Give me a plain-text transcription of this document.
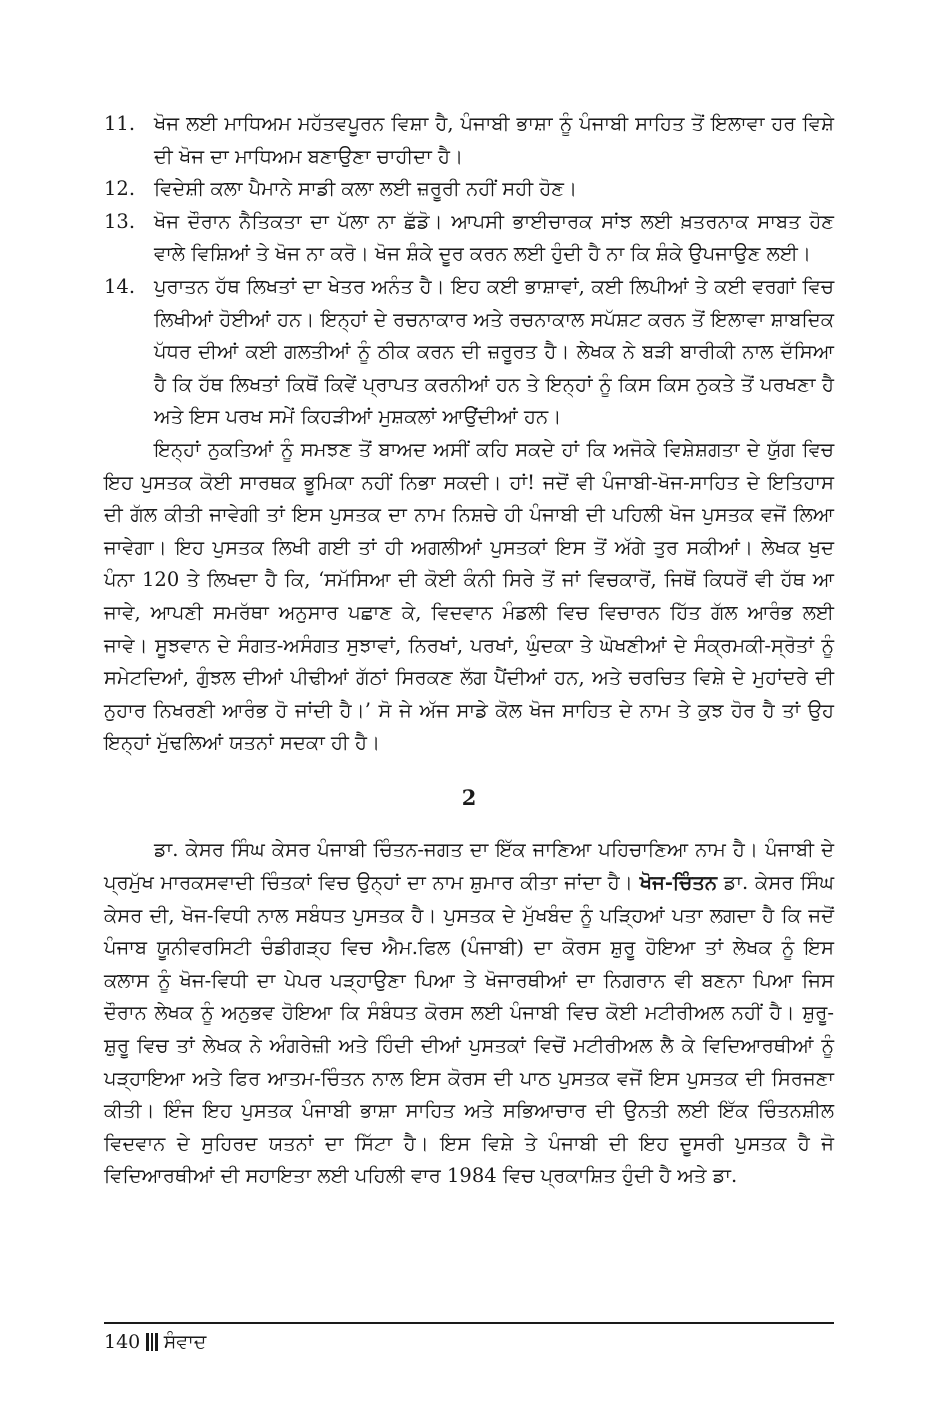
11. ਖੋਜ ਲਈ ਮਾਧਿਅਮ ਮਹੱਤਵਪੂਰਨ ਵਿਸ਼ਾ ਹੈ, ਪੰਜਾਬੀ ਭਾਸ਼ਾ ਨੂੰ ਪੰਜਾਬੀ ਸਾਹਿਤ ਤੋਂ ਇਲਾਵਾ ਹਰ ਵਿਸ਼ੇ ਦੀ ਖੋਜ ਦਾ ਮਾਧਿਅਮ ਬਣਾਉਣਾ ਚਾਹੀਦਾ ਹੈ।
12. ਵਿਦੇਸ਼ੀ ਕਲਾ ਪੈਮਾਨੇ ਸਾਡੀ ਕਲਾ ਲਈ ਜ਼ਰੂਰੀ ਨਹੀਂ ਸਹੀ ਹੋਣ।
13. ਖੋਜ ਦੌਰਾਨ ਨੈਤਿਕਤਾ ਦਾ ਪੱਲਾ ਨਾ ਛੱਡੋ। ਆਪਸੀ ਭਾਈਚਾਰਕ ਸਾਂਝ ਲਈ ਖ਼ਤਰਨਾਕ ਸਾਬਤ ਹੋਣ ਵਾਲੇ ਵਿਸ਼ਿਆਂ ਤੇ ਖੋਜ ਨਾ ਕਰੋ। ਖੋਜ ਸ਼ੰਕੇ ਦੂਰ ਕਰਨ ਲਈ ਹੁੰਦੀ ਹੈ ਨਾ ਕਿ ਸ਼ੰਕੇ ਉਪਜਾਉਣ ਲਈ।
14. ਪੁਰਾਤਨ ਹੱਥ ਲਿਖਤਾਂ ਦਾ ਖੇਤਰ ਅਨੰਤ ਹੈ। ਇਹ ਕਈ ਭਾਸ਼ਾਵਾਂ, ਕਈ ਲਿਪੀਆਂ ਤੇ ਕਈ ਵਰਗਾਂ ਵਿਚ ਲਿਖੀਆਂ ਹੋਈਆਂ ਹਨ। ਇਨ੍ਹਾਂ ਦੇ ਰਚਨਾਕਾਰ ਅਤੇ ਰਚਨਾਕਾਲ ਸਪੱਸ਼ਟ ਕਰਨ ਤੋਂ ਇਲਾਵਾ ਸ਼ਾਬਦਿਕ ਪੱਧਰ ਦੀਆਂ ਕਈ ਗਲਤੀਆਂ ਨੂੰ ਠੀਕ ਕਰਨ ਦੀ ਜ਼ਰੂਰਤ ਹੈ। ਲੇਖਕ ਨੇ ਬੜੀ ਬਾਰੀਕੀ ਨਾਲ ਦੱਸਿਆ ਹੈ ਕਿ ਹੱਥ ਲਿਖਤਾਂ ਕਿਥੋਂ ਕਿਵੇਂ ਪ੍ਰਾਪਤ ਕਰਨੀਆਂ ਹਨ ਤੇ ਇਨ੍ਹਾਂ ਨੂੰ ਕਿਸ ਕਿਸ ਨੁਕਤੇ ਤੋਂ ਪਰਖਣਾ ਹੈ ਅਤੇ ਇਸ ਪਰਖ ਸਮੇਂ ਕਿਹੜੀਆਂ ਮੁਸ਼ਕਲਾਂ ਆਉਂਦੀਆਂ ਹਨ।

ਇਨ੍ਹਾਂ ਨੁਕਤਿਆਂ ਨੂੰ ਸਮਝਣ ਤੋਂ ਬਾਅਦ ਅਸੀਂ ਕਹਿ ਸਕਦੇ ਹਾਂ ਕਿ ਅਜੋਕੇ ਵਿਸ਼ੇਸ਼ਗਤਾ ਦੇ ਯੁੱਗ ਵਿਚ ਇਹ ਪੁਸਤਕ ਕੋਈ ਸਾਰਥਕ ਭੂਮਿਕਾ ਨਹੀਂ ਨਿਭਾ ਸਕਦੀ। ਹਾਂ! ਜਦੋਂ ਵੀ ਪੰਜਾਬੀ-ਖੋਜ-ਸਾਹਿਤ ਦੇ ਇਤਿਹਾਸ ਦੀ ਗੱਲ ਕੀਤੀ ਜਾਵੇਗੀ ਤਾਂ ਇਸ ਪੁਸਤਕ ਦਾ ਨਾਮ ਨਿਸ਼ਚੇ ਹੀ ਪੰਜਾਬੀ ਦੀ ਪਹਿਲੀ ਖੋਜ ਪੁਸਤਕ ਵਜੋਂ ਲਿਆ ਜਾਵੇਗਾ। ਇਹ ਪੁਸਤਕ ਲਿਖੀ ਗਈ ਤਾਂ ਹੀ ਅਗਲੀਆਂ ਪੁਸਤਕਾਂ ਇਸ ਤੋਂ ਅੱਗੇ ਤੁਰ ਸਕੀਆਂ। ਲੇਖਕ ਖੁਦ ਪੰਨਾ 120 ਤੇ ਲਿਖਦਾ ਹੈ ਕਿ, ‘ਸਮੱਸਿਆ ਦੀ ਕੋਈ ਕੰਨੀ ਸਿਰੇ ਤੋਂ ਜਾਂ ਵਿਚਕਾਰੋਂ, ਜਿਥੋਂ ਕਿਧਰੋਂ ਵੀ ਹੱਥ ਆ ਜਾਵੇ, ਆਪਣੀ ਸਮਰੱਥਾ ਅਨੁਸਾਰ ਪਛਾਣ ਕੇ, ਵਿਦਵਾਨ ਮੰਡਲੀ ਵਿਚ ਵਿਚਾਰਨ ਹਿੱਤ ਗੱਲ ਆਰੰਭ ਲਈ ਜਾਵੇ। ਸੂਝਵਾਨ ਦੇ ਸੰਗਤ-ਅਸੰਗਤ ਸੁਝਾਵਾਂ, ਨਿਰਖਾਂ, ਪਰਖਾਂ, ਘੁੰਦਕਾ ਤੇ ਘੋਖਣੀਆਂ ਦੇ ਸੰਕ੍ਰਮਕੀ-ਸ੍ਰੋਤਾਂ ਨੂੰ ਸਮੇਟਦਿਆਂ, ਗੁੰਝਲ ਦੀਆਂ ਪੀਢੀਆਂ ਗੱਠਾਂ ਸਿਰਕਣ ਲੱਗ ਪੈਂਦੀਆਂ ਹਨ, ਅਤੇ ਚਰਚਿਤ ਵਿਸ਼ੇ ਦੇ ਮੁਹਾਂਦਰੇ ਦੀ ਨੁਹਾਰ ਨਿਖਰਣੀ ਆਰੰਭ ਹੋ ਜਾਂਦੀ ਹੈ।’ ਸੋ ਜੇ ਅੱਜ ਸਾਡੇ ਕੋਲ ਖੋਜ ਸਾਹਿਤ ਦੇ ਨਾਮ ਤੇ ਕੁਝ ਹੋਰ ਹੈ ਤਾਂ ਉਹ ਇਨ੍ਹਾਂ ਮੁੱਢਲਿਆਂ ਯਤਨਾਂ ਸਦਕਾ ਹੀ ਹੈ।

2

ਡਾ. ਕੇਸਰ ਸਿੰਘ ਕੇਸਰ ਪੰਜਾਬੀ ਚਿੰਤਨ-ਜਗਤ ਦਾ ਇੱਕ ਜਾਣਿਆ ਪਹਿਚਾਣਿਆ ਨਾਮ ਹੈ। ਪੰਜਾਬੀ ਦੇ ਪ੍ਰਮੁੱਖ ਮਾਰਕਸਵਾਦੀ ਚਿੰਤਕਾਂ ਵਿਚ ਉਨ੍ਹਾਂ ਦਾ ਨਾਮ ਸ਼ੁਮਾਰ ਕੀਤਾ ਜਾਂਦਾ ਹੈ। ਖੋਜ-ਚਿੰਤਨ ਡਾ. ਕੇਸਰ ਸਿੰਘ ਕੇਸਰ ਦੀ, ਖੋਜ-ਵਿਧੀ ਨਾਲ ਸਬੰਧਤ ਪੁਸਤਕ ਹੈ। ਪੁਸਤਕ ਦੇ ਮੁੱਖਬੰਦ ਨੂੰ ਪੜ੍ਹਿਆਂ ਪਤਾ ਲਗਦਾ ਹੈ ਕਿ ਜਦੋਂ ਪੰਜਾਬ ਯੂਨੀਵਰਸਿਟੀ ਚੰਡੀਗੜ੍ਹ ਵਿਚ ਐਮ.ਫਿਲ (ਪੰਜਾਬੀ) ਦਾ ਕੋਰਸ ਸ਼ੁਰੂ ਹੋਇਆ ਤਾਂ ਲੇਖਕ ਨੂੰ ਇਸ ਕਲਾਸ ਨੂੰ ਖੋਜ-ਵਿਧੀ ਦਾ ਪੇਪਰ ਪੜ੍ਹਾਉਣਾ ਪਿਆ ਤੇ ਖੋਜਾਰਥੀਆਂ ਦਾ ਨਿਗਰਾਨ ਵੀ ਬਣਨਾ ਪਿਆ ਜਿਸ ਦੌਰਾਨ ਲੇਖਕ ਨੂੰ ਅਨੁਭਵ ਹੋਇਆ ਕਿ ਸੰਬੰਧਤ ਕੋਰਸ ਲਈ ਪੰਜਾਬੀ ਵਿਚ ਕੋਈ ਮਟੀਰੀਅਲ ਨਹੀਂ ਹੈ। ਸ਼ੁਰੂ-ਸ਼ੁਰੂ ਵਿਚ ਤਾਂ ਲੇਖਕ ਨੇ ਅੰਗਰੇਜ਼ੀ ਅਤੇ ਹਿੰਦੀ ਦੀਆਂ ਪੁਸਤਕਾਂ ਵਿਚੋਂ ਮਟੀਰੀਅਲ ਲੈ ਕੇ ਵਿਦਿਆਰਥੀਆਂ ਨੂੰ ਪੜ੍ਹਾਇਆ ਅਤੇ ਫਿਰ ਆਤਮ-ਚਿੰਤਨ ਨਾਲ ਇਸ ਕੋਰਸ ਦੀ ਪਾਠ ਪੁਸਤਕ ਵਜੋਂ ਇਸ ਪੁਸਤਕ ਦੀ ਸਿਰਜਣਾ ਕੀਤੀ। ਇੰਜ ਇਹ ਪੁਸਤਕ ਪੰਜਾਬੀ ਭਾਸ਼ਾ ਸਾਹਿਤ ਅਤੇ ਸਭਿਆਚਾਰ ਦੀ ਉਨਤੀ ਲਈ ਇੱਕ ਚਿੰਤਨਸ਼ੀਲ ਵਿਦਵਾਨ ਦੇ ਸੁਹਿਰਦ ਯਤਨਾਂ ਦਾ ਸਿੱਟਾ ਹੈ। ਇਸ ਵਿਸ਼ੇ ਤੇ ਪੰਜਾਬੀ ਦੀ ਇਹ ਦੂਸਰੀ ਪੁਸਤਕ ਹੈ ਜੋ ਵਿਦਿਆਰਥੀਆਂ ਦੀ ਸਹਾਇਤਾ ਲਈ ਪਹਿਲੀ ਵਾਰ 1984 ਵਿਚ ਪ੍ਰਕਾਸ਼ਿਤ ਹੁੰਦੀ ਹੈ ਅਤੇ ਡਾ.

140 ਸੰਵਾਦ
